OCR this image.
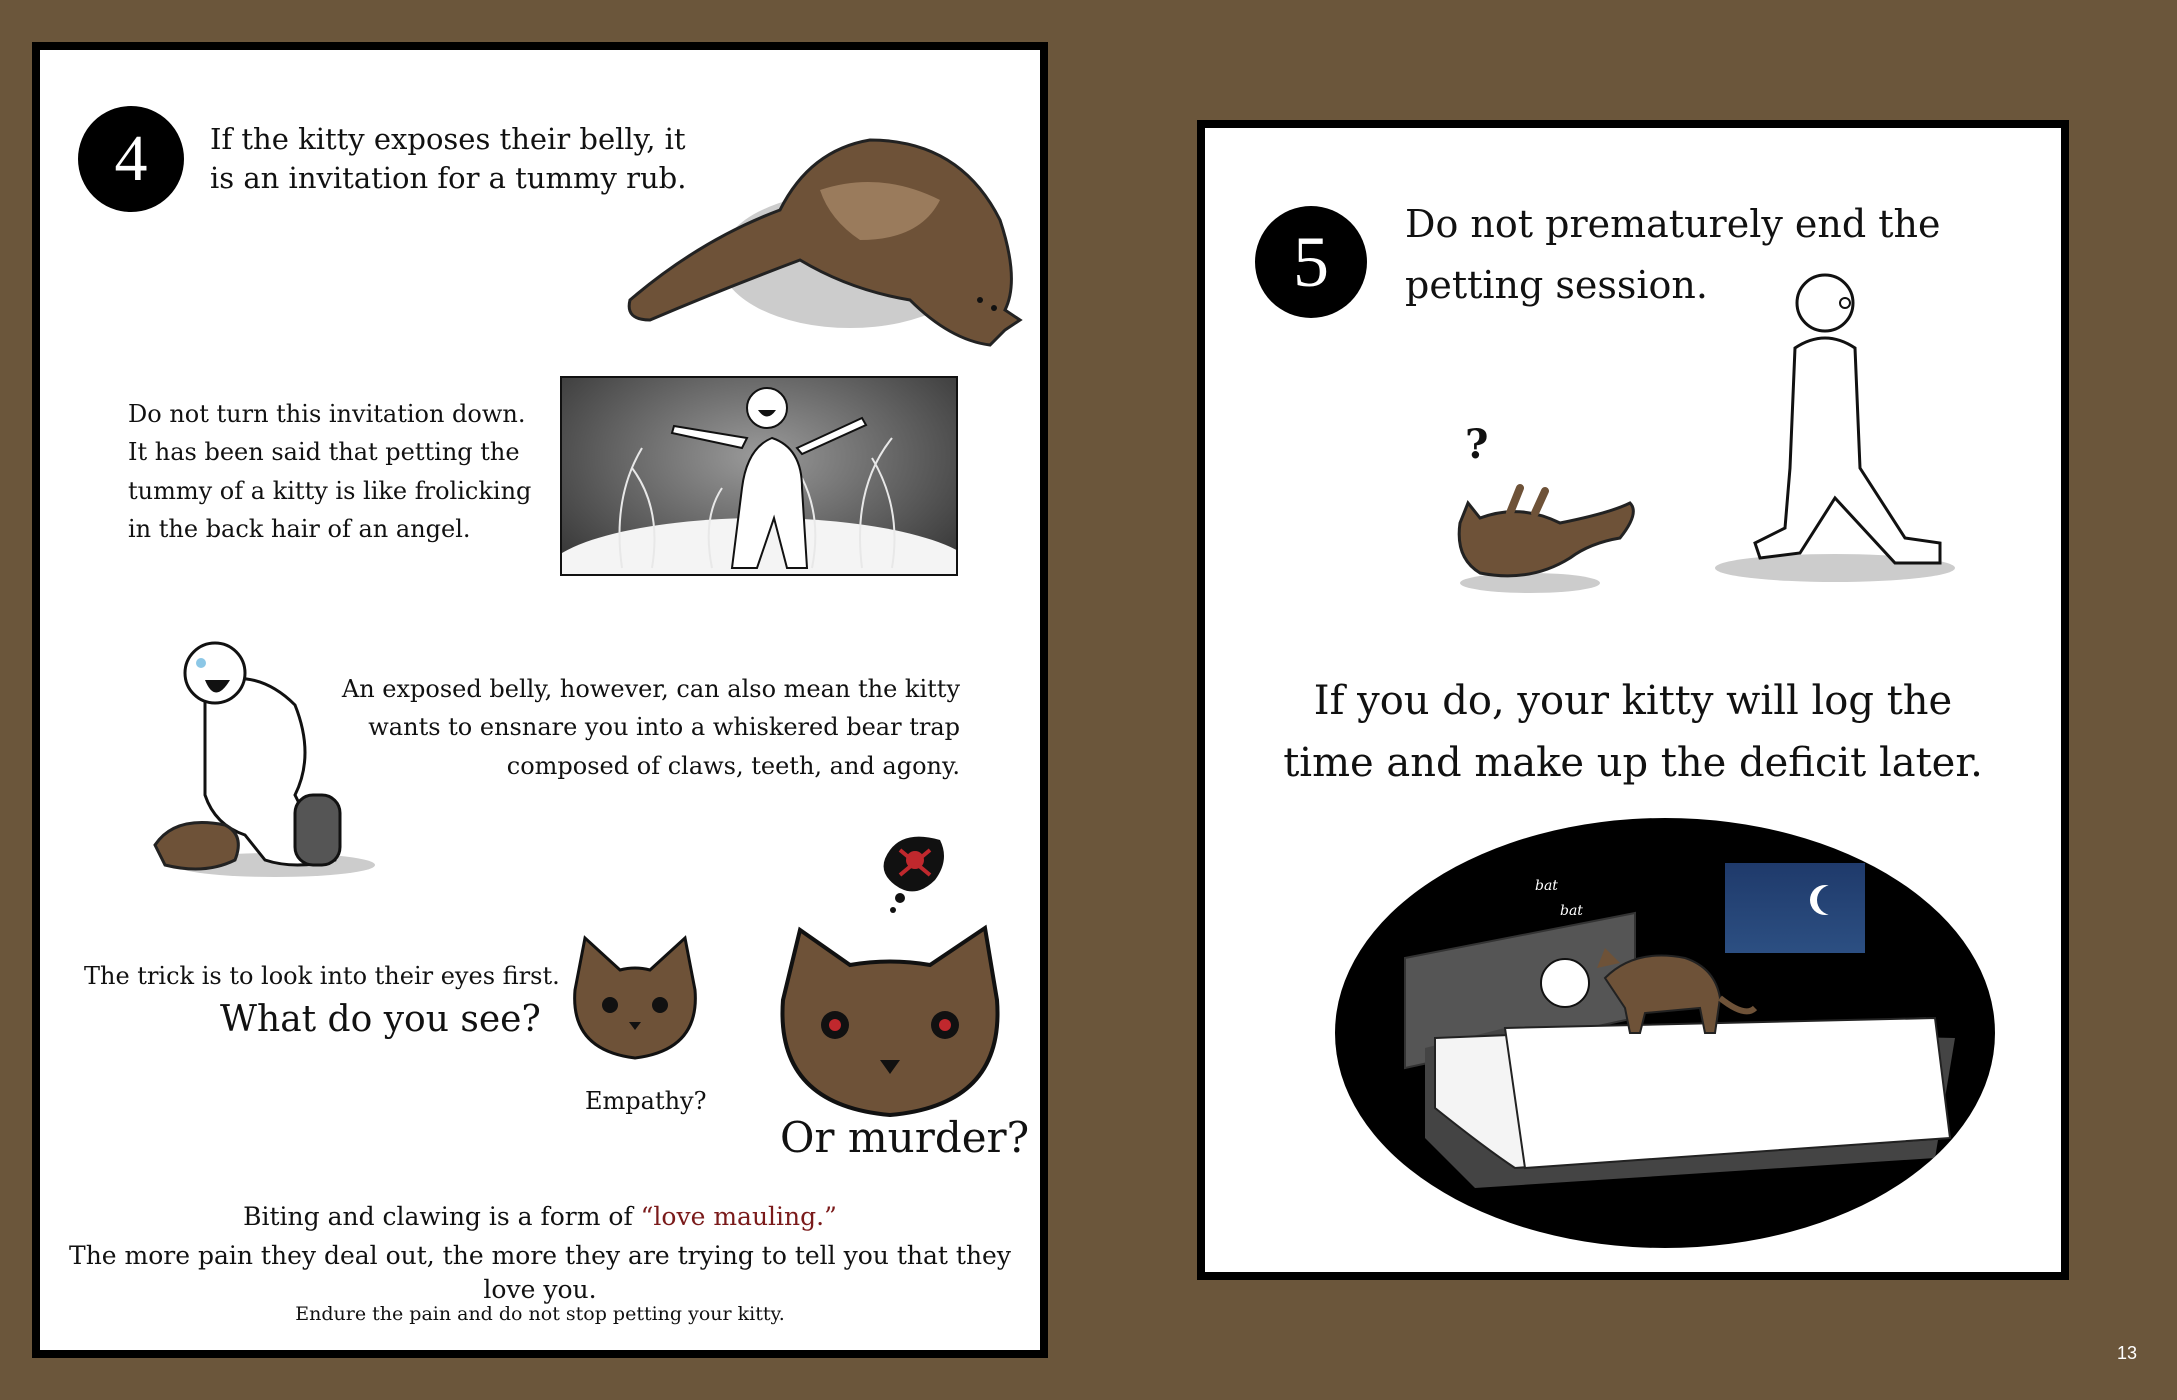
4	If the kitty exposes their belly, it
is an invitation for a tummy rub.
Do not turn this invitation down.
It has been said that petting the
tummy of a kitty is like frolicking
in the back hair of an angel.
An exposed belly, however, can also mean the kitty
wants to ensnare you into a whiskered bear trap
composed of claws, teeth, and agony.
The trick is to look into their eyes first.
What do you see?
Empathy?
Or murder?
Biting and clawing is a form of “love mauling.”
The more pain they deal out, the more they are trying to tell you that they love you.
Endure the pain and do not stop petting your kitty.
5	Do not prematurely end the
petting session.
?
If you do, your kitty will log the
time and make up the deficit later.
bat
bat
13
